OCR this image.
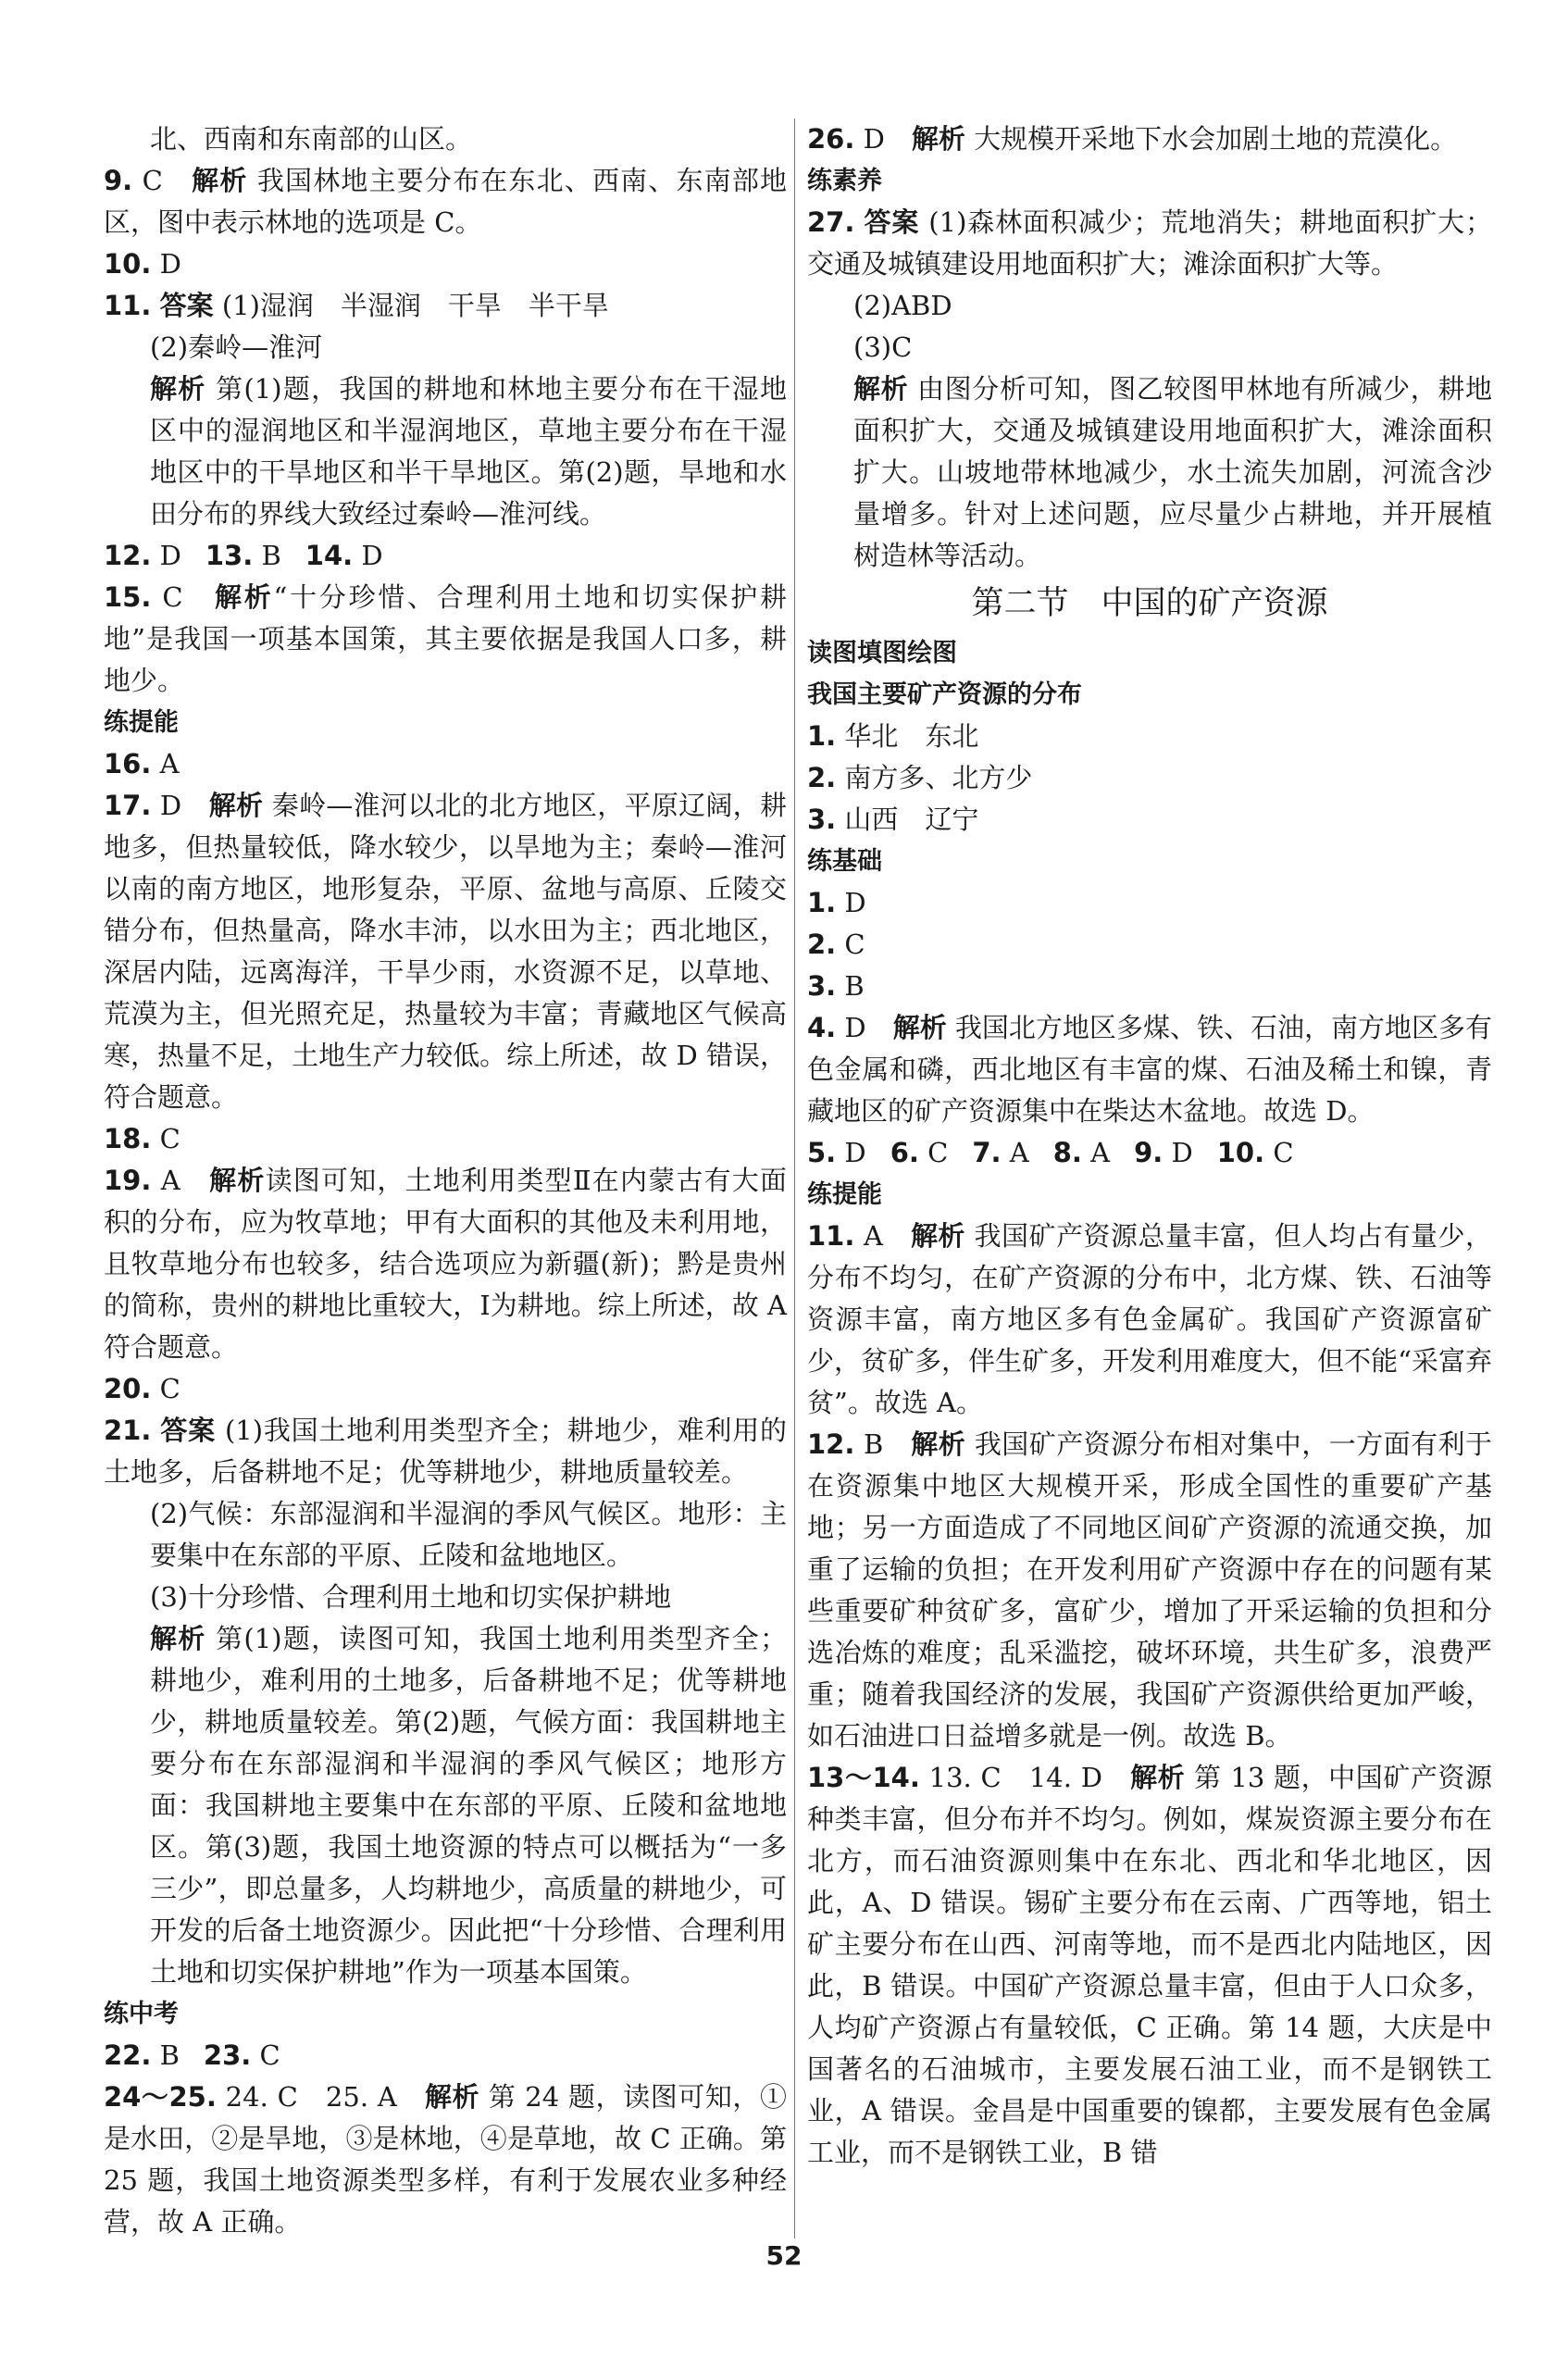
北、西南和东南部的山区。
9. C　解析 我国林地主要分布在东北、西南、东南部地区，图中表示林地的选项是 C。
10. D
11. 答案 (1)湿润　半湿润　干旱　半干旱
(2)秦岭—淮河
解析 第(1)题，我国的耕地和林地主要分布在干湿地区中的湿润地区和半湿润地区，草地主要分布在干湿地区中的干旱地区和半干旱地区。第(2)题，旱地和水田分布的界线大致经过秦岭—淮河线。
12. D 13. B 14. D
15. C　解析“十分珍惜、合理利用土地和切实保护耕地”是我国一项基本国策，其主要依据是我国人口多，耕地少。
练提能
16. A
17. D　解析 秦岭—淮河以北的北方地区，平原辽阔，耕地多，但热量较低，降水较少，以旱地为主；秦岭—淮河以南的南方地区，地形复杂，平原、盆地与高原、丘陵交错分布，但热量高，降水丰沛，以水田为主；西北地区，深居内陆，远离海洋，干旱少雨，水资源不足，以草地、荒漠为主，但光照充足，热量较为丰富；青藏地区气候高寒，热量不足，土地生产力较低。综上所述，故 D 错误，符合题意。
18. C
19. A　解析读图可知，土地利用类型Ⅱ在内蒙古有大面积的分布，应为牧草地；甲有大面积的其他及未利用地，且牧草地分布也较多，结合选项应为新疆(新)；黔是贵州的简称，贵州的耕地比重较大，Ⅰ为耕地。综上所述，故 A 符合题意。
20. C
21. 答案 (1)我国土地利用类型齐全；耕地少，难利用的土地多，后备耕地不足；优等耕地少，耕地质量较差。
(2)气候：东部湿润和半湿润的季风气候区。地形：主要集中在东部的平原、丘陵和盆地地区。
(3)十分珍惜、合理利用土地和切实保护耕地
解析 第(1)题，读图可知，我国土地利用类型齐全；耕地少，难利用的土地多，后备耕地不足；优等耕地少，耕地质量较差。第(2)题，气候方面：我国耕地主要分布在东部湿润和半湿润的季风气候区；地形方面：我国耕地主要集中在东部的平原、丘陵和盆地地区。第(3)题，我国土地资源的特点可以概括为“一多三少”，即总量多，人均耕地少，高质量的耕地少，可开发的后备土地资源少。因此把“十分珍惜、合理利用土地和切实保护耕地”作为一项基本国策。
练中考
22. B 23. C
24～25. 24. C　25. A　解析 第 24 题，读图可知，①是水田，②是旱地，③是林地，④是草地，故 C 正确。第 25 题，我国土地资源类型多样，有利于发展农业多种经营，故 A 正确。
26. D　解析 大规模开采地下水会加剧土地的荒漠化。
练素养
27. 答案 (1)森林面积减少；荒地消失；耕地面积扩大；交通及城镇建设用地面积扩大；滩涂面积扩大等。
(2)ABD
(3)C
解析 由图分析可知，图乙较图甲林地有所减少，耕地面积扩大，交通及城镇建设用地面积扩大，滩涂面积扩大。山坡地带林地减少，水土流失加剧，河流含沙量增多。针对上述问题，应尽量少占耕地，并开展植树造林等活动。
第二节　中国的矿产资源
读图填图绘图
我国主要矿产资源的分布
1. 华北　东北
2. 南方多、北方少
3. 山西　辽宁
练基础
1. D
2. C
3. B
4. D　解析 我国北方地区多煤、铁、石油，南方地区多有色金属和磷，西北地区有丰富的煤、石油及稀土和镍，青藏地区的矿产资源集中在柴达木盆地。故选 D。
5. D 6. C 7. A 8. A 9. D 10. C
练提能
11. A　解析 我国矿产资源总量丰富，但人均占有量少，分布不均匀，在矿产资源的分布中，北方煤、铁、石油等资源丰富，南方地区多有色金属矿。我国矿产资源富矿少，贫矿多，伴生矿多，开发利用难度大，但不能“采富弃贫”。故选 A。
12. B　解析 我国矿产资源分布相对集中，一方面有利于在资源集中地区大规模开采，形成全国性的重要矿产基地；另一方面造成了不同地区间矿产资源的流通交换，加重了运输的负担；在开发利用矿产资源中存在的问题有某些重要矿种贫矿多，富矿少，增加了开采运输的负担和分选冶炼的难度；乱采滥挖，破坏环境，共生矿多，浪费严重；随着我国经济的发展，我国矿产资源供给更加严峻，如石油进口日益增多就是一例。故选 B。
13～14. 13. C　14. D　解析 第 13 题，中国矿产资源种类丰富，但分布并不均匀。例如，煤炭资源主要分布在北方，而石油资源则集中在东北、西北和华北地区，因此，A、D 错误。锡矿主要分布在云南、广西等地，铝土矿主要分布在山西、河南等地，而不是西北内陆地区，因此，B 错误。中国矿产资源总量丰富，但由于人口众多，人均矿产资源占有量较低，C 正确。第 14 题，大庆是中国著名的石油城市，主要发展石油工业，而不是钢铁工业，A 错误。金昌是中国重要的镍都，主要发展有色金属工业，而不是钢铁工业，B 错
52
